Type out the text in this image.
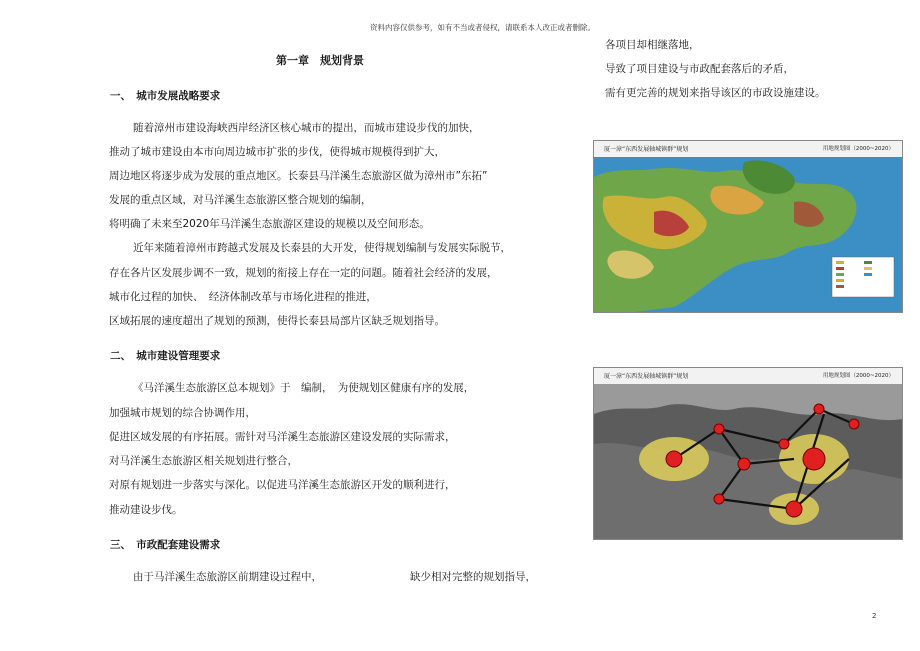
资料内容仅供参考，如有不当或者侵权，请联系本人改正或者删除。
第一章　规划背景
一、　城市发展战略要求
随着漳州市建设海峡西岸经济区核心城市的提出，而城市建设步伐的加快，
推动了城市建设由本市向周边城市扩张的步伐，使得城市规模得到扩大，
周边地区将逐步成为发展的重点地区。长泰县马洋溪生态旅游区做为漳州市”东拓”
发展的重点区域，对马洋溪生态旅游区整合规划的编制，
将明确了未来至2020年马洋溪生态旅游区建设的规模以及空间形态。
近年来随着漳州市跨越式发展及长泰县的大开发，使得规划编制与发展实际脱节，
存在各片区发展步调不一致，规划的衔接上存在一定的问题。随着社会经济的发展，
城市化过程的加快、　经济体制改革与市场化进程的推进，
区域拓展的速度超出了规划的预测，使得长泰县局部片区缺乏规划指导。
二、　城市建设管理要求
《马洋溪生态旅游区总本规划》于　编制，　为使规划区健康有序的发展，
加强城市规划的综合协调作用，
促进区域发展的有序拓展。需针对马洋溪生态旅游区建设发展的实际需求，
对马洋溪生态旅游区相关规划进行整合，
对原有规划进一步落实与深化。以促进马洋溪生态旅游区开发的顺利进行，
推动建设步伐。
三、　市政配套建设需求
由于马洋溪生态旅游区前期建设过程中，	缺少相对完整的规划指导，
各项目却相继落地，
导致了项目建设与市政配套落后的矛盾，
需有更完善的规划来指导该区的市政设施建设。
厦一漳“东西发展轴城镇群”规划	用地规划图（2000~2020）
厦一漳“东西发展轴城镇群”规划	用地规划图（2000~2020）
2
